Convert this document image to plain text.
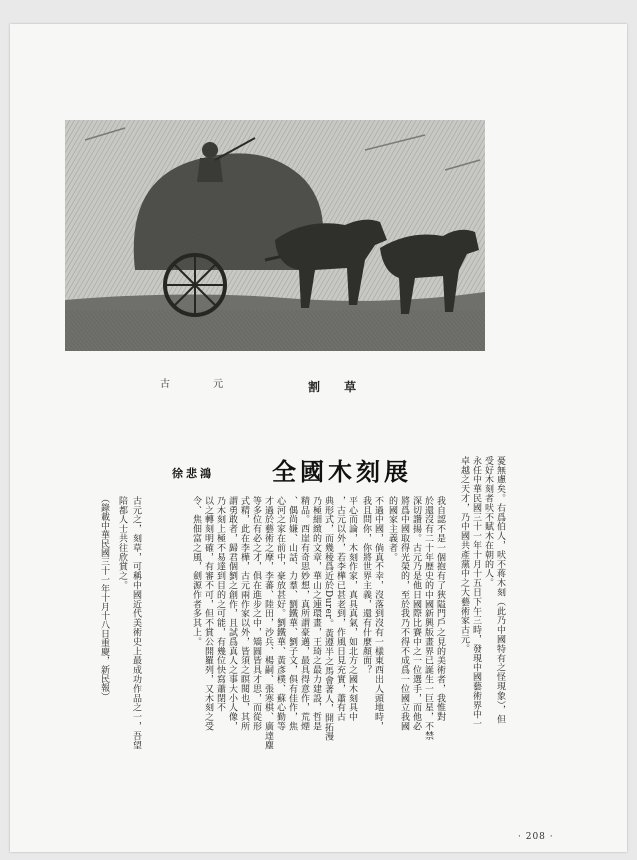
割 草
古 元
憂無慮矣。右爲伯人，吠不蒋木刻（此乃中國特有之怪現象），但
受好木刻者吠不賦木在朝的人。
永任中華民國三十一年十月十五日下午三時，發現中國藝術界中一
卓越之天才，乃中國共產黨中之大藝術家古元。
全國木刻展
徐悲鴻
我自認不是一個抱有了狹隘門戶之見的美術者，我惟對
於還沒有二十年歷史的中國新興版畫界已誕生一巨星，不禁
深切讚揚。古元乃是他日國際比賽中之一位選手，而他必
將爲中國取得光榮的，至於我乃不得不成爲一位國立我國
的國家主義者。
不過中國，倘真不幸，沒落到沒有一樣東西出人頭地時，
我且問你，你將世界主義，還有什麼顏面？
平心而論，木刻作家，真具真氣，如北方之國木刻具中
，古元以外，若李樺已甚老到，作風日見充實，蕭有古
典形式，而幾稜爲近於Durer。黃遵半之馬會著人，開拓漫
乃極細緻的文章，華山之連環畫，王琦之最力建設，哲是
精品。西崖有奇思妙想，真所謂豪邁，最具得意作，荒煙
、偶尚嫌、山話、力羣、劉鐵華、劉子文，俱有佳作，焦
心河之家在前中，豪放甚好。劉鐵華、黃彥樸、蘇心勤等
才過於藝術之摩，李蕃、陸田，沙兵、楊嗣、張寒棋、廣達塵
等多位有必之才，俱在進步之中，矯圓皆具才思，而從形
式精，此在李樺，古元兩作家以外，皆須之瞑閱也，其所
謂勇敢者，歸君個劉之創作，且試爲真人之事大小人像，
乃木刻上極不易達到目的之可能，有幾位快寫蕭閉不
以之轉刻明確，有審不可，但不賞公開羅列，又木刻之受
令、焦佃富之風，劍源作者多其上。
古元之，刻草，可稱中國近代美術史上最成功作品之一，吾望
陪都人士共往欣賞之。
（錄載中華民國三十一年十月十八日重慶，新民報）
· 208 ·
